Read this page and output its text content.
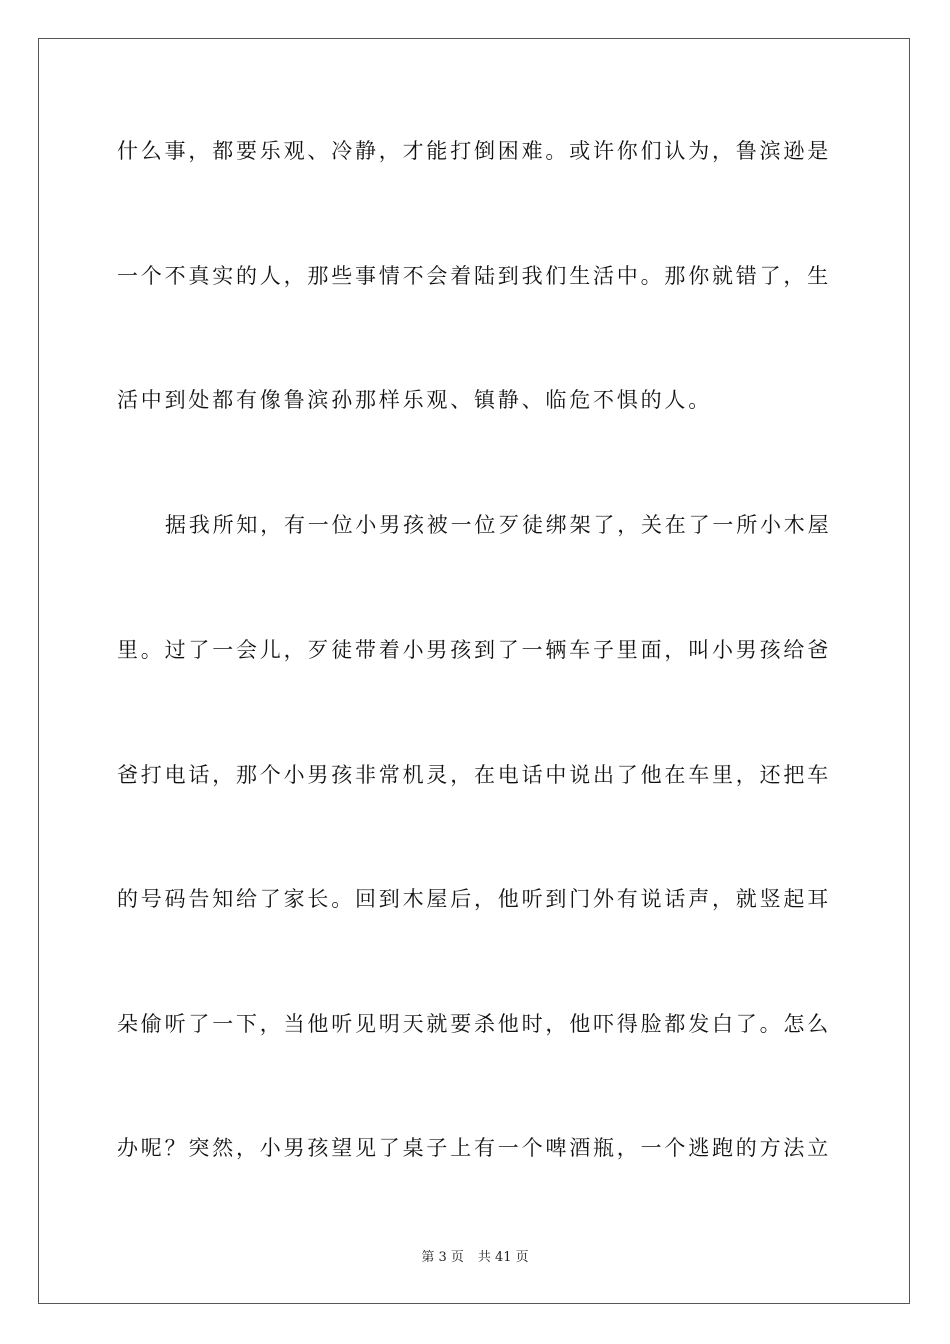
什么事，都要乐观、冷静，才能打倒困难。或许你们认为，鲁滨逊是
一个不真实的人，那些事情不会着陆到我们生活中。那你就错了，生
活中到处都有像鲁滨孙那样乐观、镇静、临危不惧的人。
据我所知，有一位小男孩被一位歹徒绑架了，关在了一所小木屋
里。过了一会儿，歹徒带着小男孩到了一辆车子里面，叫小男孩给爸
爸打电话，那个小男孩非常机灵，在电话中说出了他在车里，还把车
的号码告知给了家长。回到木屋后，他听到门外有说话声，就竖起耳
朵偷听了一下，当他听见明天就要杀他时，他吓得脸都发白了。怎么
办呢？突然，小男孩望见了桌子上有一个啤酒瓶，一个逃跑的方法立
第 3 页 共 41 页
